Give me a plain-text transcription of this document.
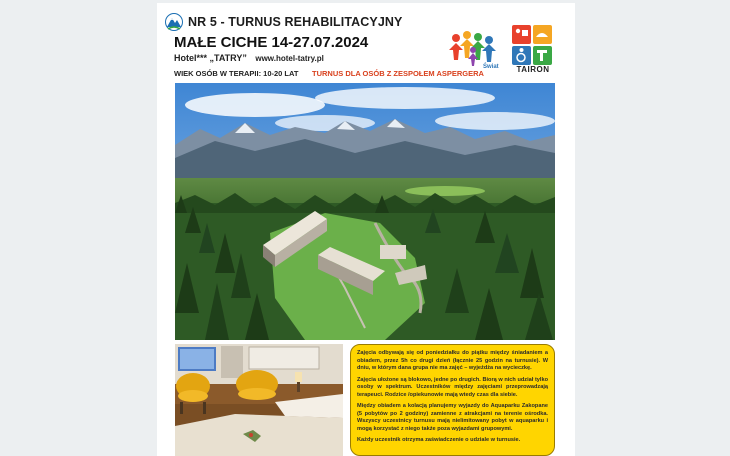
NR 5 - TURNUS REHABILITACYJNY
MAŁE CICHE 14-27.07.2024
Hotel*** „TATRY” www.hotel-tatry.pl
WIEK OSÓB W TERAPII: 10-20 LAT TURNUS DLA OSÓB Z ZESPOŁEM ASPERGERA
Świat	TAIRON

Zajęcia odbywają się od poniedziałku do piątku między śniadaniem a obiadem, przez 5h co drugi dzień (łącznie 25 godzin na turnusie). W dniu, w którym dana grupa nie ma zajęć – wyjeżdża na wycieczkę.

Zajęcia ułożone są blokowo, jedne po drugich. Biorą w nich udział tylko osoby w spektrum. Uczestników między zajęciami przeprowadzają terapeuci. Rodzice /opiekunowie mają wtedy czas dla siebie.

Między obiadem a kolacją planujemy wyjazdy do Aquaparku Zakopane (5 pobytów po 2 godziny) zamienne z atrakcjami na terenie ośrodka. Wszyscy uczestnicy turnusu mają nielimitowany pobyt w aquaparku i mogą korzystać z niego także poza wyjazdami grupowymi.

Każdy uczestnik otrzyma zaświadczenie o udziale w turnusie.
